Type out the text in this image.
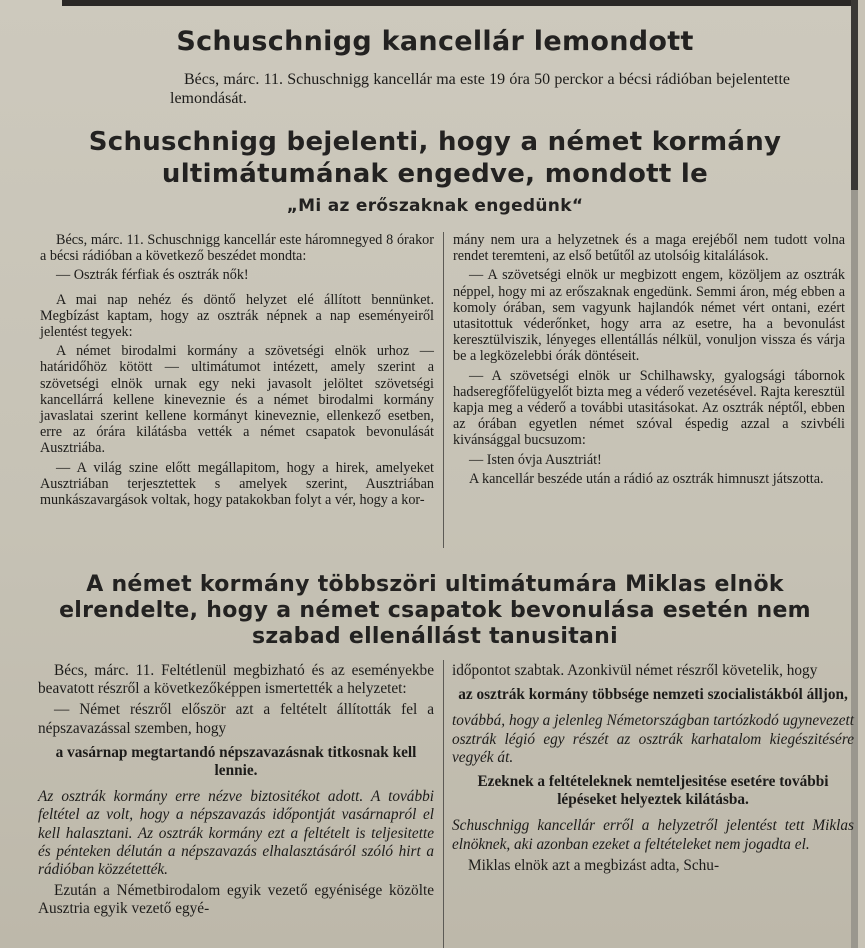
Schuschnigg kancellár lemondott
Bécs, márc. 11. Schuschnigg kancellár ma este 19 óra 50 perckor a bécsi rádióban bejelentette lemondását.
Schuschnigg bejelenti, hogy a német kormány ultimátumának engedve, mondott le
„Mi az erőszaknak engedünk“

Bécs, márc. 11. Schuschnigg kancellár este háromnegyed 8 órakor a bécsi rádióban a következő beszédet mondta:

— Osztrák férfiak és osztrák nők!

A mai nap nehéz és döntő helyzet elé állított bennünket. Megbízást kaptam, hogy az osztrák népnek a nap eseményeiről jelentést tegyek:

A német birodalmi kormány a szövetségi elnök urhoz — határidőhöz kötött — ultimátumot intézett, amely szerint a szövetségi elnök urnak egy neki javasolt jelöltet szövetségi kancellárrá kellene kineveznie és a német birodalmi kormány javaslatai szerint kellene kormányt kineveznie, ellenkező esetben, erre az órára kilátásba vették a német csapatok bevonulását Ausztriába.

— A világ szine előtt megállapitom, hogy a hirek, amelyeket Ausztriában terjesztettek s amelyek szerint, Ausztriában munkászavargások voltak, hogy patakokban folyt a vér, hogy a kor-

mány nem ura a helyzetnek és a maga erejéből nem tudott volna rendet teremteni, az első betűtől az utolsóig kitalálások.

— A szövetségi elnök ur megbizott engem, közöljem az osztrák néppel, hogy mi az erőszaknak engedünk. Semmi áron, még ebben a komoly órában, sem vagyunk hajlandók német vért ontani, ezért utasitottuk véderőnket, hogy arra az esetre, ha a bevonulást keresztülviszik, lényeges ellentállás nélkül, vonuljon vissza és várja be a legközelebbi órák döntéseit.

— A szövetségi elnök ur Schilhawsky, gyalogsági tábornok hadseregfőfelügyelőt bizta meg a véderő vezetésével. Rajta keresztül kapja meg a véderő a további utasitásokat. Az osztrák néptől, ebben az órában egyetlen német szóval éspedig azzal a szivbéli kivánsággal bucsuzom:

— Isten óvja Ausztriát!

A kancellár beszéde után a rádió az osztrák himnuszt játszotta.

A német kormány többszöri ultimátumára Miklas elnök elrendelte, hogy a német csapatok bevonulása esetén nem szabad ellenállást tanusitani

Bécs, márc. 11. Feltétlenül megbizható és az eseményekbe beavatott részről a következőképpen ismertették a helyzetet:

— Német részről először azt a feltételt állították fel a népszavazással szemben, hogy

a vasárnap megtartandó népszavazásnak titkosnak kell lennie.

Az osztrák kormány erre nézve biztositékot adott. A további feltétel az volt, hogy a népszavazás időpontját vasárnapról el kell halasztani. Az osztrák kormány ezt a feltételt is teljesitette és pénteken délután a népszavazás elhalasztásáról szóló hirt a rádióban közzétették.

Ezután a Németbirodalom egyik vezető egyénisége közölte Ausztria egyik vezető egyé-

időpontot szabtak. Azonkivül német részről követelik, hogy

az osztrák kormány többsége nemzeti szocialistákból álljon,

továbbá, hogy a jelenleg Németországban tartózkodó ugynevezett osztrák légió egy részét az osztrák karhatalom kiegészitésére vegyék át.

Ezeknek a feltételeknek nemteljesitése esetére további lépéseket helyeztek kilátásba.

Schuschnigg kancellár erről a helyzetről jelentést tett Miklas elnöknek, aki azonban ezeket a feltételeket nem jogadta el.

Miklas elnök azt a megbizást adta, Schu-
